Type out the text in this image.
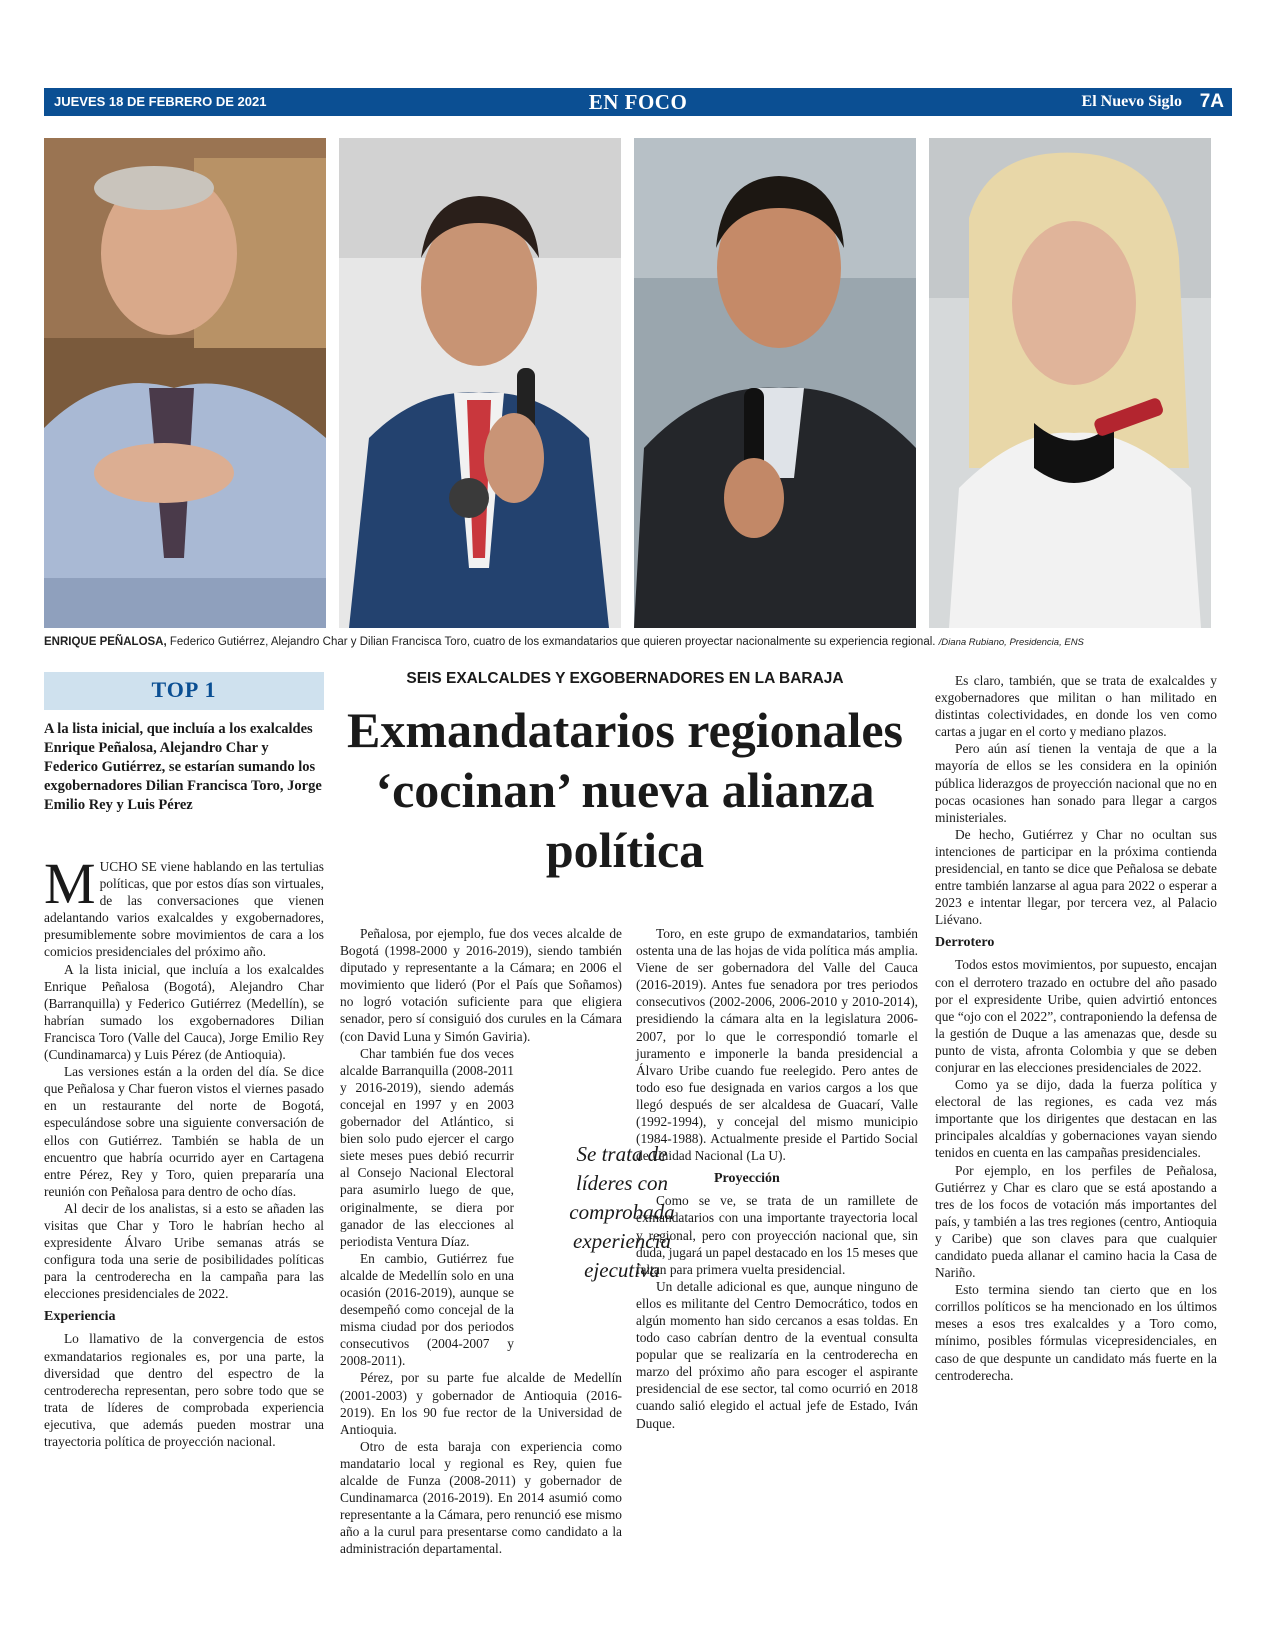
JUEVES 18 DE FEBRERO DE 2021	EN FOCO	El Nuevo Siglo 7A
ENRIQUE PEÑALOSA, Federico Gutiérrez, Alejandro Char y Dilian Francisca Toro, cuatro de los exmandatarios que quieren proyectar nacionalmente su experiencia regional. /Diana Rubiano, Presidencia, ENS
TOP 1
A la lista inicial, que incluía a los exalcaldes Enrique Peñalosa, Alejandro Char y Federico Gutiérrez, se estarían sumando los exgobernadores Dilian Francisca Toro, Jorge Emilio Rey y Luis Pérez
SEIS EXALCALDES Y EXGOBERNADORES EN LA BARAJA
Exmandatarios regionales ‘cocinan’ nueva alianza política

MUCHO SE viene hablando en las tertulias políticas, que por estos días son virtuales, de las conversaciones que vienen adelantando varios exalcaldes y exgobernadores, presumiblemente sobre movimientos de cara a los comicios presidenciales del próximo año.

A la lista inicial, que incluía a los exalcaldes Enrique Peñalosa (Bogotá), Alejandro Char (Barranquilla) y Federico Gutiérrez (Medellín), se habrían sumado los exgobernadores Dilian Francisca Toro (Valle del Cauca), Jorge Emilio Rey (Cundinamarca) y Luis Pérez (de Antioquia).

Las versiones están a la orden del día. Se dice que Peñalosa y Char fueron vistos el viernes pasado en un restaurante del norte de Bogotá, especulándose sobre una siguiente conversación de ellos con Gutiérrez. También se habla de un encuentro que habría ocurrido ayer en Cartagena entre Pérez, Rey y Toro, quien prepararía una reunión con Peñalosa para dentro de ocho días.

Al decir de los analistas, si a esto se añaden las visitas que Char y Toro le habrían hecho al expresidente Álvaro Uribe semanas atrás se configura toda una serie de posibilidades políticas para la centroderecha en la campaña para las elecciones presidenciales de 2022.

Experiencia

Lo llamativo de la convergencia de estos exmandatarios regionales es, por una parte, la diversidad que dentro del espectro de la centroderecha representan, pero sobre todo que se trata de líderes de comprobada experiencia ejecutiva, que además pueden mostrar una trayectoria política de proyección nacional.

Peñalosa, por ejemplo, fue dos veces alcalde de Bogotá (1998-2000 y 2016-2019), siendo también diputado y representante a la Cámara; en 2006 el movimiento que lideró (Por el País que Soñamos) no logró votación suficiente para que eligiera senador, pero sí consiguió dos curules en la Cámara (con David Luna y Simón Gaviria).

Char también fue dos veces alcalde Barranquilla (2008-2011 y 2016-2019), siendo además concejal en 1997 y en 2003 gobernador del Atlántico, si bien solo pudo ejercer el cargo siete meses pues debió recurrir al Consejo Nacional Electoral para asumirlo luego de que, originalmente, se diera por ganador de las elecciones al periodista Ventura Díaz.

En cambio, Gutiérrez fue alcalde de Medellín solo en una ocasión (2016-2019), aunque se desempeñó como concejal de la misma ciudad por dos periodos consecutivos (2004-2007 y 2008-2011).

Pérez, por su parte fue alcalde de Medellín (2001-2003) y gobernador de Antioquia (2016-2019). En los 90 fue rector de la Universidad de Antioquia.

Otro de esta baraja con experiencia como mandatario local y regional es Rey, quien fue alcalde de Funza (2008-2011) y gobernador de Cundinamarca (2016-2019). En 2014 asumió como representante a la Cámara, pero renunció ese mismo año a la curul para presentarse como candidato a la administración departamental.

Se trata de líderes con comprobada experiencia ejecutiva

Toro, en este grupo de exmandatarios, también ostenta una de las hojas de vida política más amplia. Viene de ser gobernadora del Valle del Cauca (2016-2019). Antes fue senadora por tres periodos consecutivos (2002-2006, 2006-2010 y 2010-2014), presidiendo la cámara alta en la legislatura 2006-2007, por lo que le correspondió tomarle el juramento e imponerle la banda presidencial a Álvaro Uribe cuando fue reelegido. Pero antes de todo eso fue designada en varios cargos a los que llegó después de ser alcaldesa de Guacarí, Valle (1992-1994), y concejal del mismo municipio (1984-1988). Actualmente preside el Partido Social de Unidad Nacional (La U).

Proyección

Como se ve, se trata de un ramillete de exmandatarios con una importante trayectoria local y regional, pero con proyección nacional que, sin duda, jugará un papel destacado en los 15 meses que faltan para primera vuelta presidencial.

Un detalle adicional es que, aunque ninguno de ellos es militante del Centro Democrático, todos en algún momento han sido cercanos a esas toldas. En todo caso cabrían dentro de la eventual consulta popular que se realizaría en la centroderecha en marzo del próximo año para escoger el aspirante presidencial de ese sector, tal como ocurrió en 2018 cuando salió elegido el actual jefe de Estado, Iván Duque.

Es claro, también, que se trata de exalcaldes y exgobernadores que militan o han militado en distintas colectividades, en donde los ven como cartas a jugar en el corto y mediano plazos.

Pero aún así tienen la ventaja de que a la mayoría de ellos se les considera en la opinión pública liderazgos de proyección nacional que no en pocas ocasiones han sonado para llegar a cargos ministeriales.

De hecho, Gutiérrez y Char no ocultan sus intenciones de participar en la próxima contienda presidencial, en tanto se dice que Peñalosa se debate entre también lanzarse al agua para 2022 o esperar a 2023 e intentar llegar, por tercera vez, al Palacio Liévano.

Derrotero

Todos estos movimientos, por supuesto, encajan con el derrotero trazado en octubre del año pasado por el expresidente Uribe, quien advirtió entonces que “ojo con el 2022”, contraponiendo la defensa de la gestión de Duque a las amenazas que, desde su punto de vista, afronta Colombia y que se deben conjurar en las elecciones presidenciales de 2022.

Como ya se dijo, dada la fuerza política y electoral de las regiones, es cada vez más importante que los dirigentes que destacan en las principales alcaldías y gobernaciones vayan siendo tenidos en cuenta en las campañas presidenciales.

Por ejemplo, en los perfiles de Peñalosa, Gutiérrez y Char es claro que se está apostando a tres de los focos de votación más importantes del país, y también a las tres regiones (centro, Antioquia y Caribe) que son claves para que cualquier candidato pueda allanar el camino hacia la Casa de Nariño.

Esto termina siendo tan cierto que en los corrillos políticos se ha mencionado en los últimos meses a esos tres exalcaldes y a Toro como, mínimo, posibles fórmulas vicepresidenciales, en caso de que despunte un candidato más fuerte en la centroderecha.
